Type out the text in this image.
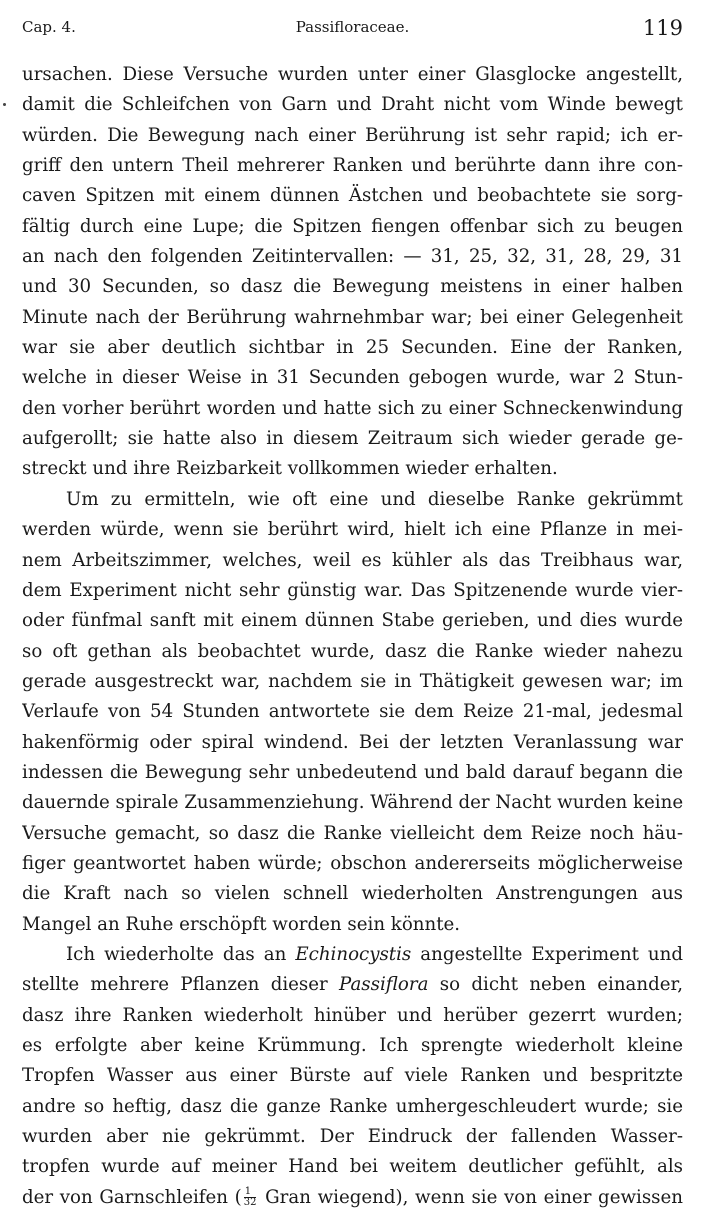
Cap. 4.	Passifloraceae.	119
ursachen. Diese Versuche wurden unter einer Glasglocke angestellt,
damit die Schleifchen von Garn und Draht nicht vom Winde bewegt
würden. Die Bewegung nach einer Berührung ist sehr rapid; ich er-
griff den untern Theil mehrerer Ranken und berührte dann ihre con-
caven Spitzen mit einem dünnen Ästchen und beobachtete sie sorg-
fältig durch eine Lupe; die Spitzen fiengen offenbar sich zu beugen
an nach den folgenden Zeitintervallen: — 31, 25, 32, 31, 28, 29, 31
und 30 Secunden, so dasz die Bewegung meistens in einer halben
Minute nach der Berührung wahrnehmbar war; bei einer Gelegenheit
war sie aber deutlich sichtbar in 25 Secunden. Eine der Ranken,
welche in dieser Weise in 31 Secunden gebogen wurde, war 2 Stun-
den vorher berührt worden und hatte sich zu einer Schneckenwindung
aufgerollt; sie hatte also in diesem Zeitraum sich wieder gerade ge-
streckt und ihre Reizbarkeit vollkommen wieder erhalten.
Um zu ermitteln, wie oft eine und dieselbe Ranke gekrümmt
werden würde, wenn sie berührt wird, hielt ich eine Pflanze in mei-
nem Arbeitszimmer, welches, weil es kühler als das Treibhaus war,
dem Experiment nicht sehr günstig war. Das Spitzenende wurde vier-
oder fünfmal sanft mit einem dünnen Stabe gerieben, und dies wurde
so oft gethan als beobachtet wurde, dasz die Ranke wieder nahezu
gerade ausgestreckt war, nachdem sie in Thätigkeit gewesen war; im
Verlaufe von 54 Stunden antwortete sie dem Reize 21-mal, jedesmal
hakenförmig oder spiral windend. Bei der letzten Veranlassung war
indessen die Bewegung sehr unbedeutend und bald darauf begann die
dauernde spirale Zusammenziehung. Während der Nacht wurden keine
Versuche gemacht, so dasz die Ranke vielleicht dem Reize noch häu-
figer geantwortet haben würde; obschon andererseits möglicherweise
die Kraft nach so vielen schnell wiederholten Anstrengungen aus
Mangel an Ruhe erschöpft worden sein könnte.
Ich wiederholte das an Echinocystis angestellte Experiment und
stellte mehrere Pflanzen dieser Passiflora so dicht neben einander,
dasz ihre Ranken wiederholt hinüber und herüber gezerrt wurden;
es erfolgte aber keine Krümmung. Ich sprengte wiederholt kleine
Tropfen Wasser aus einer Bürste auf viele Ranken und bespritzte
andre so heftig, dasz die ganze Ranke umhergeschleudert wurde; sie
wurden aber nie gekrümmt. Der Eindruck der fallenden Wasser-
tropfen wurde auf meiner Hand bei weitem deutlicher gefühlt, als
der von Garnschleifen ( $\frac{1}{32}$ Gran wiegend), wenn sie von einer gewissen
